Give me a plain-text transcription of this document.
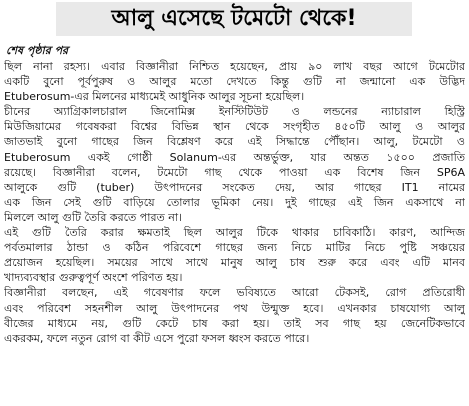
আলু এসেছে টমেটো থেকে!
শেষ পৃষ্ঠার পর
ছিল নানা রহস্য। এবার বিজ্ঞানীরা নিশ্চিত হয়েছেন, প্রায় ৯০ লাখ বছর আগে টমেটোর
একটি বুনো পূর্বপুরুষ ও আলুর মতো দেখতে কিন্তু গুটি না জন্মানো এক উদ্ভিদ
Etuberosum-এর মিলনের মাধ্যমেই আধুনিক আলুর সূচনা হয়েছিল।
চীনের অ্যাগ্রিকালচারাল জিনোমিক্স ইনস্টিটিউট ও লন্ডনের ন্যাচারাল হিস্ট্রি
মিউজিয়ামের গবেষকরা বিশ্বের বিভিন্ন স্থান থেকে সংগৃহীত ৪৫০টি আলু ও আলুর
জাতভাই বুনো গাছের জিন বিশ্লেষণ করে এই সিদ্ধান্তে পৌঁছান। আলু, টমেটো ও
Etuberosum একই গোষ্ঠী Solanum-এর অন্তর্ভুক্ত, যার অন্তত ১৫০০ প্রজাতি
রয়েছে। বিজ্ঞানীরা বলেন, টমেটো গাছ থেকে পাওয়া এক বিশেষ জিন SP6A
আলুকে গুটি (tuber) উৎপাদনের সংকেত দেয়, আর গাছের IT1 নামের
এক জিন সেই গুটি বাড়িয়ে তোলার ভূমিকা নেয়। দুই গাছের এই জিন একসাথে না
মিললে আলু গুটি তৈরি করতে পারত না।
এই গুটি তৈরি করার ক্ষমতাই ছিল আলুর টিকে থাকার চাবিকাঠি। কারণ, আন্দিজ
পর্বতমালার ঠান্ডা ও কঠিন পরিবেশে গাছের জন্য নিচে মাটির নিচে পুষ্টি সঞ্চয়ের
প্রয়োজন হয়েছিল। সময়ের সাথে সাথে মানুষ আলু চাষ শুরু করে এবং এটি মানব
খাদ্যব্যবস্থার গুরুত্বপূর্ণ অংশে পরিণত হয়।
বিজ্ঞানীরা বলছেন, এই গবেষণার ফলে ভবিষ্যতে আরো টেকসই, রোগ প্রতিরোধী
এবং পরিবেশ সহনশীল আলু উৎপাদনের পথ উন্মুক্ত হবে। এখনকার চাষযোগ্য আলু
বীজের মাধ্যমে নয়, গুটি কেটে চাষ করা হয়। তাই সব গাছ হয় জেনেটিকভাবে
একরকম, ফলে নতুন রোগ বা কীট এসে পুরো ফসল ধ্বংস করতে পারে।
